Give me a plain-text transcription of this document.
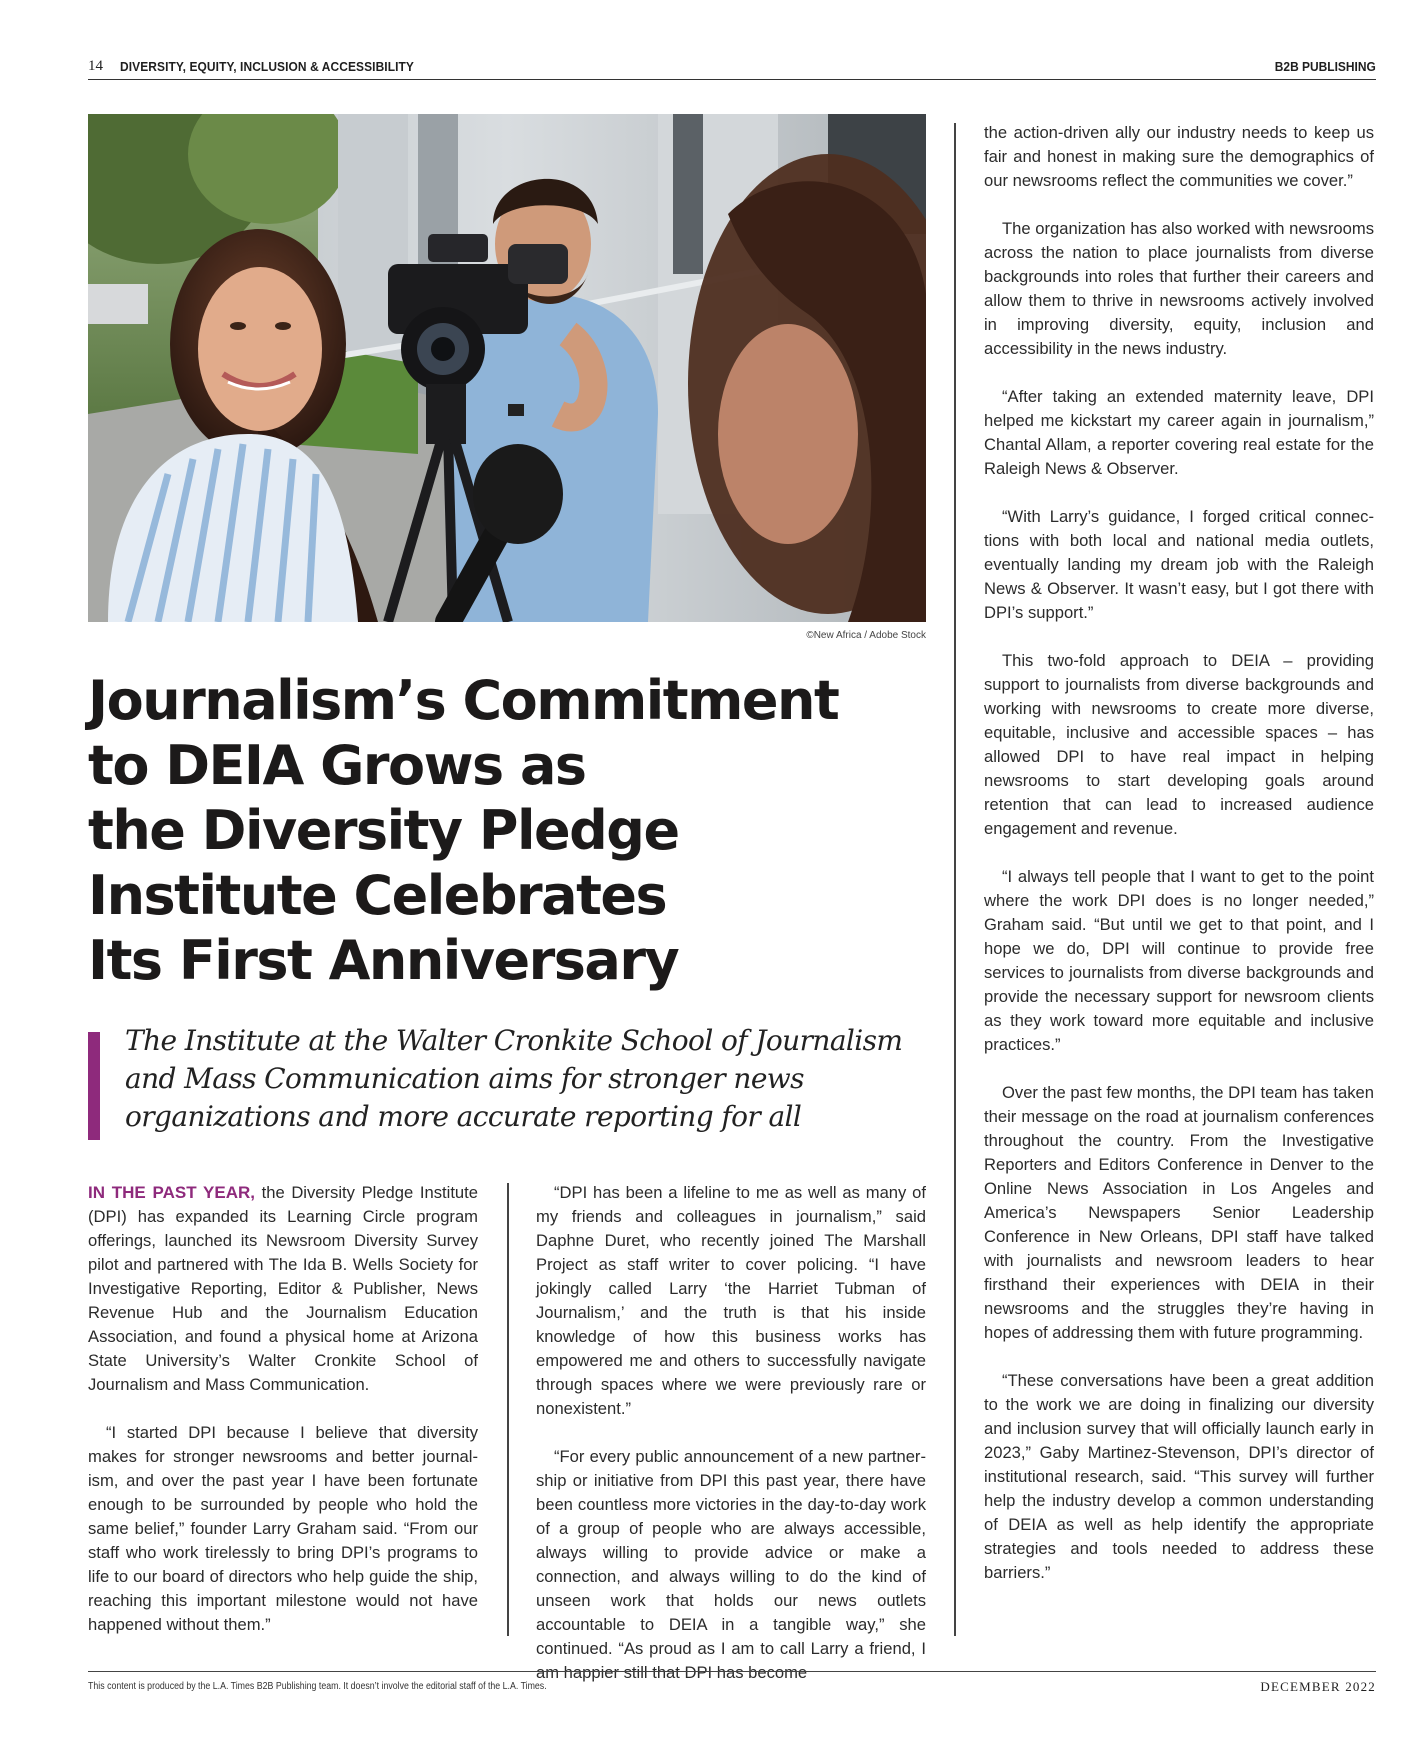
14 DIVERSITY, EQUITY, INCLUSION & ACCESSIBILITY	B2B PUBLISHING
©New Africa / Adobe Stock
Journalism’s Commitment
to DEIA Grows as
the Diversity Pledge
Institute Celebrates
Its First Anniversary
The Institute at the Walter Cronkite School of Journalism
and Mass Communication aims for stronger news
organizations and more accurate reporting for all

IN THE PAST YEAR, the Diversity Pledge Institute (DPI) has expanded its Learning Circle program offerings, launched its Newsroom Diversity Survey pilot and partnered with The Ida B. Wells Society for Investigative Reporting, Editor & Publisher, News Revenue Hub and the Journalism Education Association, and found a physical home at Arizona State University’s Walter Cronkite School of Journalism and Mass Communication.

“I started DPI because I believe that diversity makes for stronger newsrooms and better journalism, and over the past year I have been fortunate enough to be surrounded by people who hold the same belief,” founder Larry Graham said. “From our staff who work tirelessly to bring DPI’s programs to life to our board of directors who help guide the ship, reaching this important milestone would not have happened without them.”

“DPI has been a lifeline to me as well as many of my friends and colleagues in journalism,” said Daphne Duret, who recently joined The Marshall Project as staff writer to cover policing. “I have jokingly called Larry ‘the Harriet Tubman of Journalism,’ and the truth is that his inside knowledge of how this business works has empowered me and others to successfully navigate through spaces where we were previously rare or nonexistent.”

“For every public announcement of a new partnership or initiative from DPI this past year, there have been countless more victories in the day-to-day work of a group of people who are always accessible, always willing to provide advice or make a connection, and always willing to do the kind of unseen work that holds our news outlets accountable to DEIA in a tangible way,” she continued. “As proud as I am to call Larry a friend, I am happier still that DPI has become

the action-driven ally our industry needs to keep us fair and honest in making sure the demographics of our newsrooms reflect the communities we cover.”

The organization has also worked with newsrooms across the nation to place journalists from diverse backgrounds into roles that further their careers and allow them to thrive in newsrooms actively involved in improving diversity, equity, inclusion and accessibility in the news industry.

“After taking an extended maternity leave, DPI helped me kickstart my career again in journalism,” Chantal Allam, a reporter covering real estate for the Raleigh News & Observer.

“With Larry’s guidance, I forged critical connections with both local and national media outlets, eventually landing my dream job with the Raleigh News & Observer. It wasn’t easy, but I got there with DPI’s support.”

This two-fold approach to DEIA – providing support to journalists from diverse backgrounds and working with newsrooms to create more diverse, equitable, inclusive and accessible spaces – has allowed DPI to have real impact in helping newsrooms to start developing goals around retention that can lead to increased audience engagement and revenue.

“I always tell people that I want to get to the point where the work DPI does is no longer needed,” Graham said. “But until we get to that point, and I hope we do, DPI will continue to provide free services to journalists from diverse backgrounds and provide the necessary support for newsroom clients as they work toward more equitable and inclusive practices.”

Over the past few months, the DPI team has taken their message on the road at journalism conferences throughout the country. From the Investigative Reporters and Editors Conference in Denver to the Online News Association in Los Angeles and America’s Newspapers Senior Leadership Conference in New Orleans, DPI staff have talked with journalists and newsroom leaders to hear firsthand their experiences with DEIA in their newsrooms and the struggles they’re having in hopes of addressing them with future programming.

“These conversations have been a great addition to the work we are doing in finalizing our diversity and inclusion survey that will officially launch early in 2023,” Gaby Martinez-Stevenson, DPI’s director of institutional research, said. “This survey will further help the industry develop a common understanding of DEIA as well as help identify the appropriate strategies and tools needed to address these barriers.”

This content is produced by the L.A. Times B2B Publishing team. It doesn’t involve the editorial staff of the L.A. Times.	DECEMBER 2022
